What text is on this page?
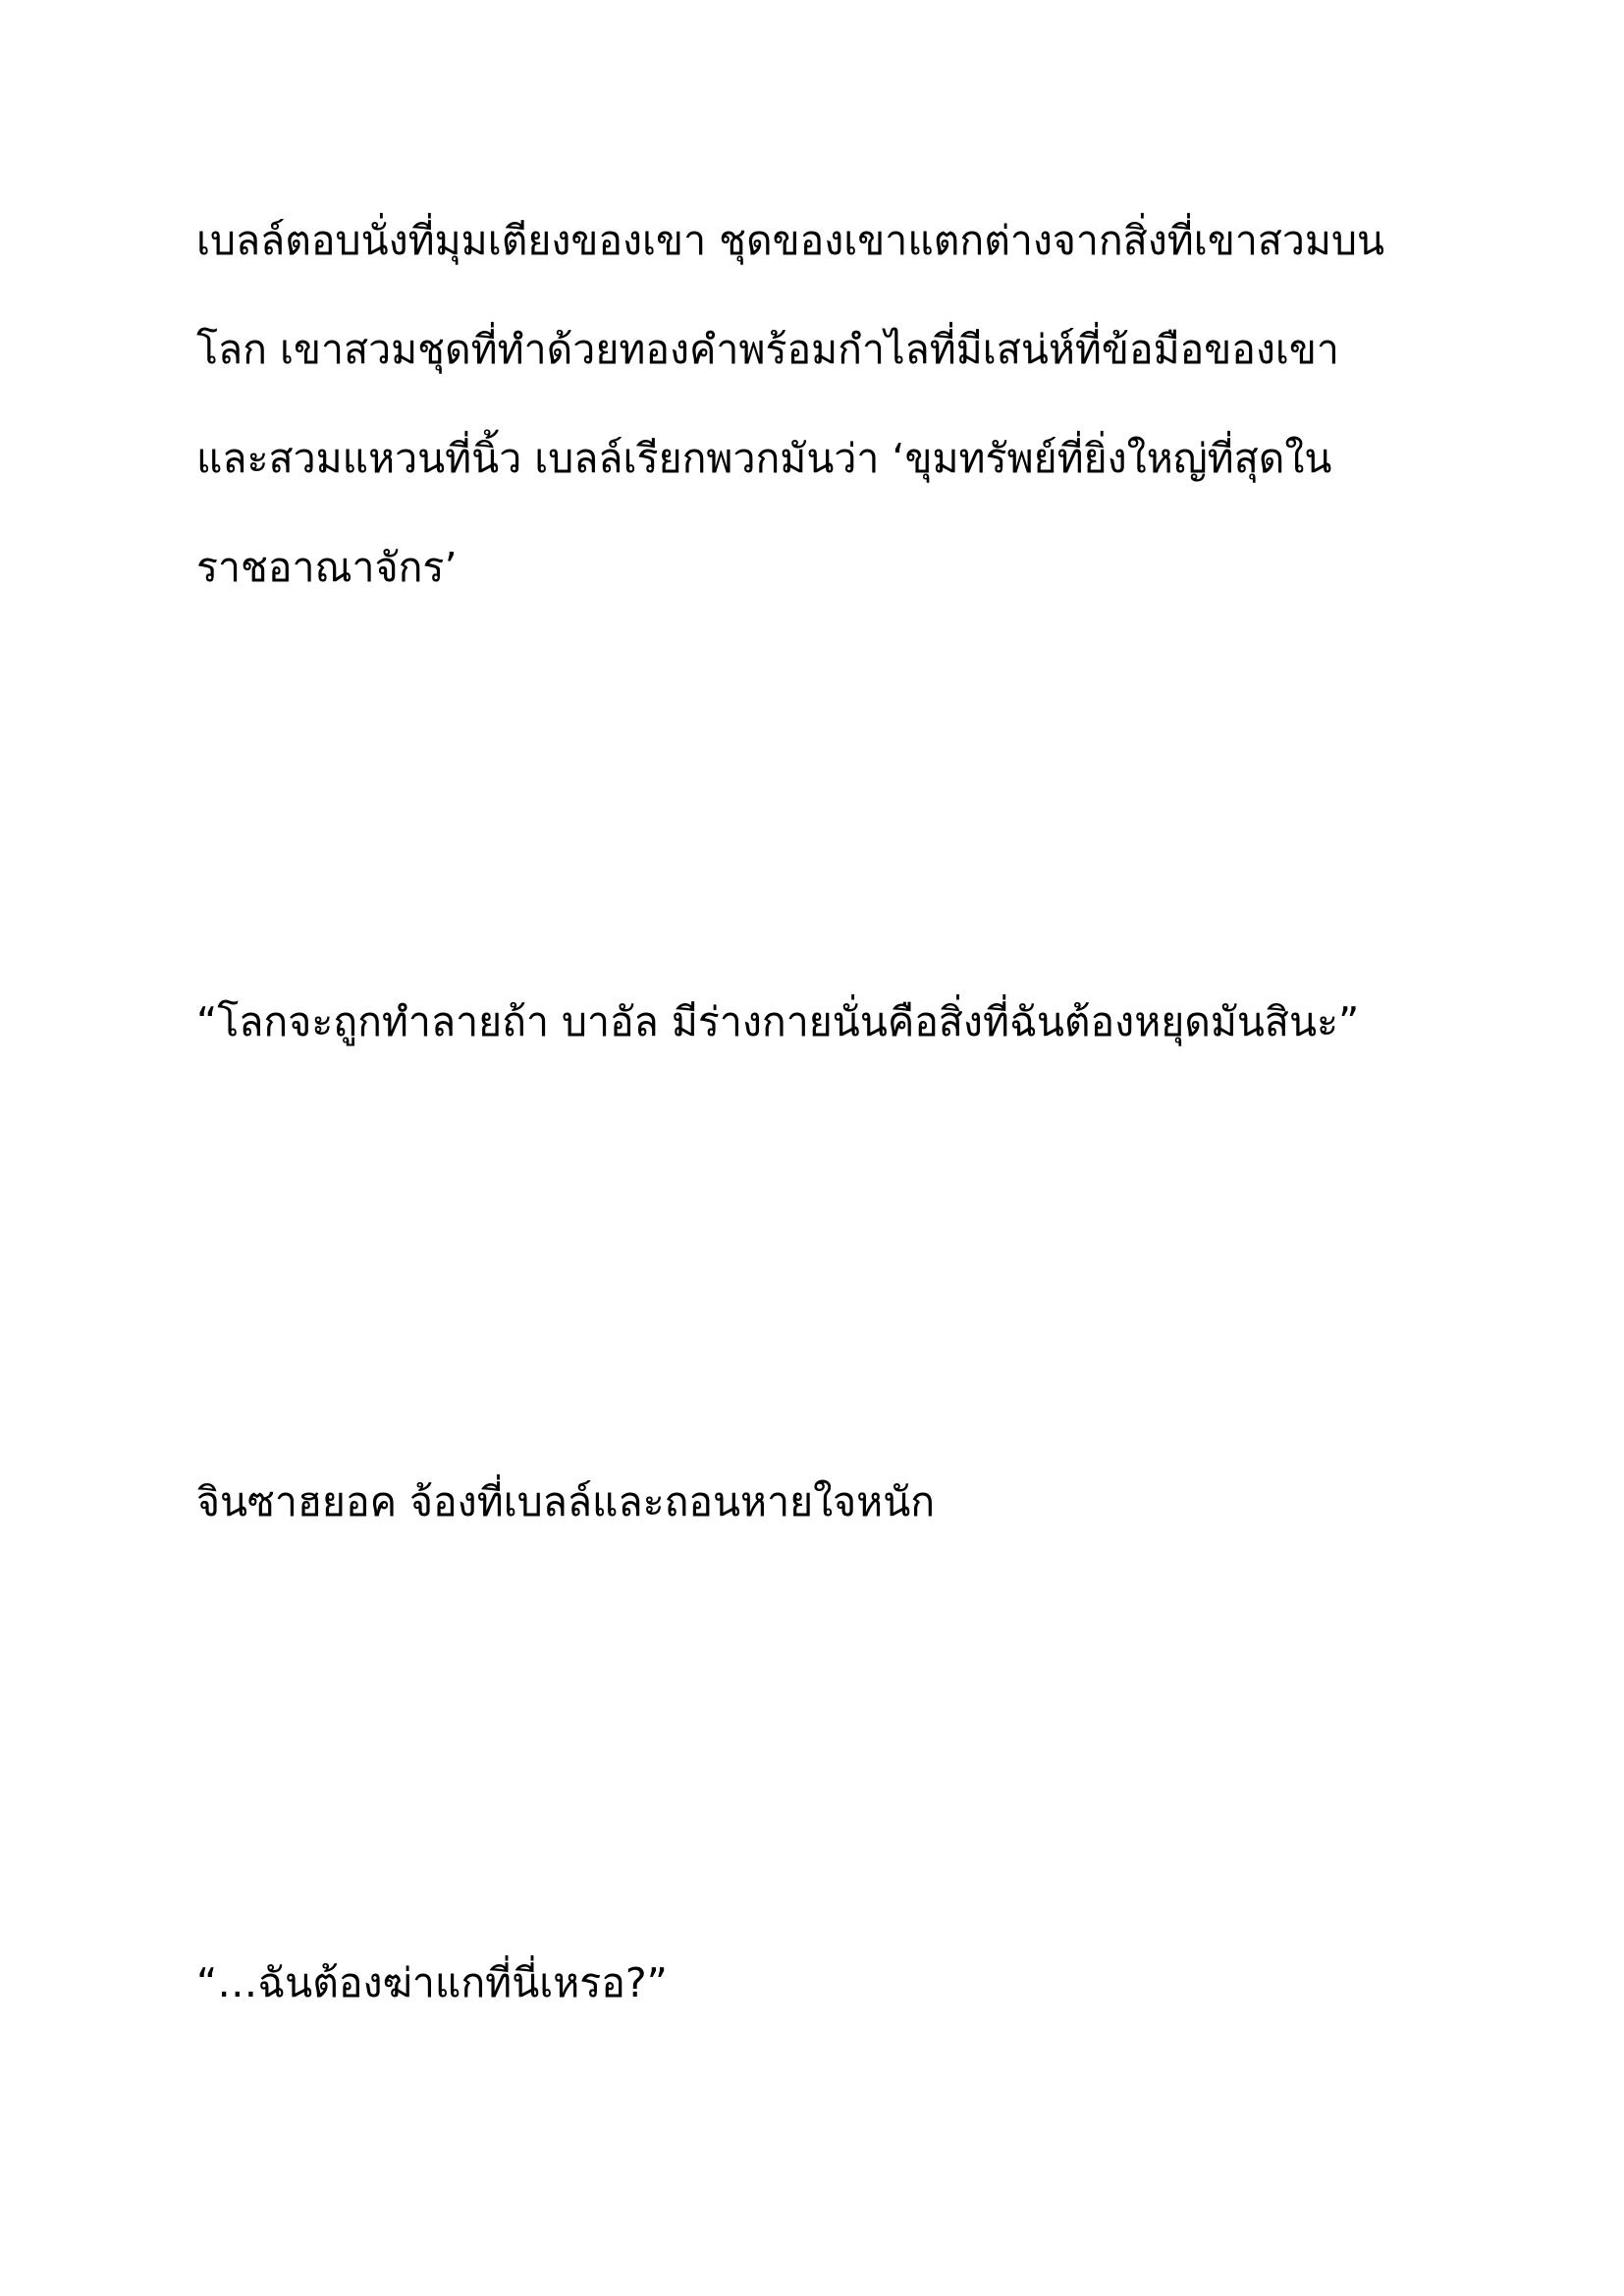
เบลล์ตอบนั่งที่มุมเตียงของเขา ชุดของเขาแตกต่างจากสิ่งที่เขาสวมบน
โลก เขาสวมชุดที่ทำด้วยทองคำพร้อมกำไลที่มีเสน่ห์ที่ข้อมือของเขา
และสวมแหวนที่นิ้ว เบลล์เรียกพวกมันว่า ‘ขุมทรัพย์ที่ยิ่งใหญ่ที่สุดใน
ราชอาณาจักร’

“โลกจะถูกทำลายถ้า บาอัล มีร่างกายนั่นคือสิ่งที่ฉันต้องหยุดมันสินะ”

จินซาฮยอค จ้องที่เบลล์และถอนหายใจหนัก

“…ฉันต้องฆ่าแกที่นี่เหรอ?”
